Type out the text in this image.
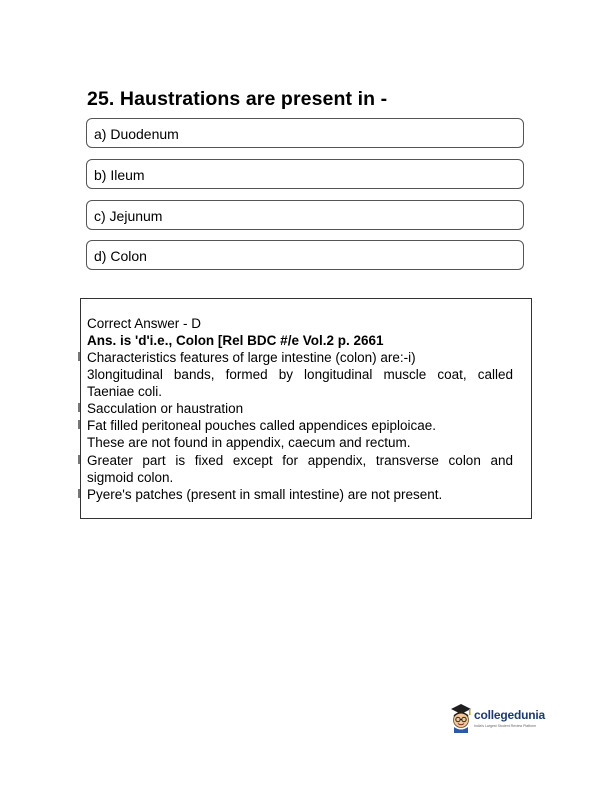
25. Haustrations are present in -
a) Duodenum
b) Ileum
c) Jejunum
d) Colon

Correct Answer - D

Ans. is 'd'i.e., Colon [Rel BDC #/e Vol.2 p. 2661

Characteristics features of large intestine (colon) are:-i)

3longitudinal bands, formed by longitudinal muscle coat, called

Taeniae coli.

Sacculation or haustration

Fat filled peritoneal pouches called appendices epiploicae.

These are not found in appendix, caecum and rectum.

Greater part is fixed except for appendix, transverse colon and

sigmoid colon.

Pyere's patches (present in small intestine) are not present.

collegedunia

India's Largest Student Review Platform
